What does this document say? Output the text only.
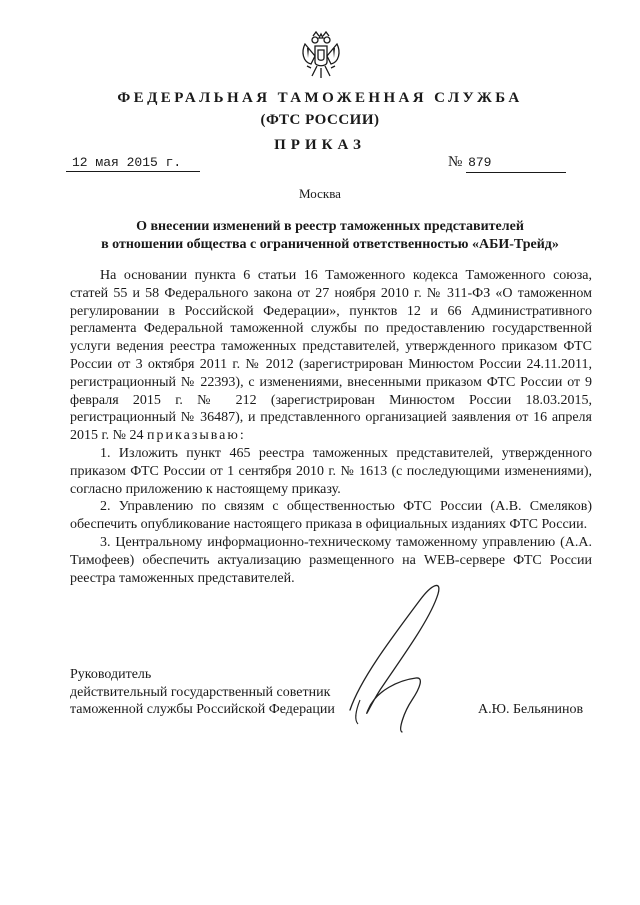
ФЕДЕРАЛЬНАЯ ТАМОЖЕННАЯ СЛУЖБА
(ФТС РОССИИ)
ПРИКАЗ
12 мая 2015 г.	№ 879
Москва
О внесении изменений в реестр таможенных представителей
в отношении общества с ограниченной ответственностью «АБИ-Трейд»

На основании пункта 6 статьи 16 Таможенного кодекса Таможенного союза, статей 55 и 58 Федерального закона от 27 ноября 2010 г. № 311-ФЗ «О таможенном регулировании в Российской Федерации», пунктов 12 и 66 Административного регламента Федеральной таможенной службы по предоставлению государственной услуги ведения реестра таможенных представителей, утвержденного приказом ФТС России от 3 октября 2011 г. № 2012 (зарегистрирован Минюстом России 24.11.2011, регистрационный № 22393), с изменениями, внесенными приказом ФТС России от 9 февраля 2015 г. № 212 (зарегистрирован Минюстом России 18.03.2015, регистрационный № 36487), и представленного организацией заявления от 16 апреля 2015 г. № 24 приказываю:

1. Изложить пункт 465 реестра таможенных представителей, утвержденного приказом ФТС России от 1 сентября 2010 г. № 1613 (с последующими изменениями), согласно приложению к настоящему приказу.

2. Управлению по связям с общественностью ФТС России (А.В. Смеляков) обеспечить опубликование настоящего приказа в официальных изданиях ФТС России.

3. Центральному информационно-техническому таможенному управлению (А.А. Тимофеев) обеспечить актуализацию размещенного на WEB-сервере ФТС России реестра таможенных представителей.

Руководитель
действительный государственный советник
таможенной службы Российской Федерации	А.Ю. Бельянинов
